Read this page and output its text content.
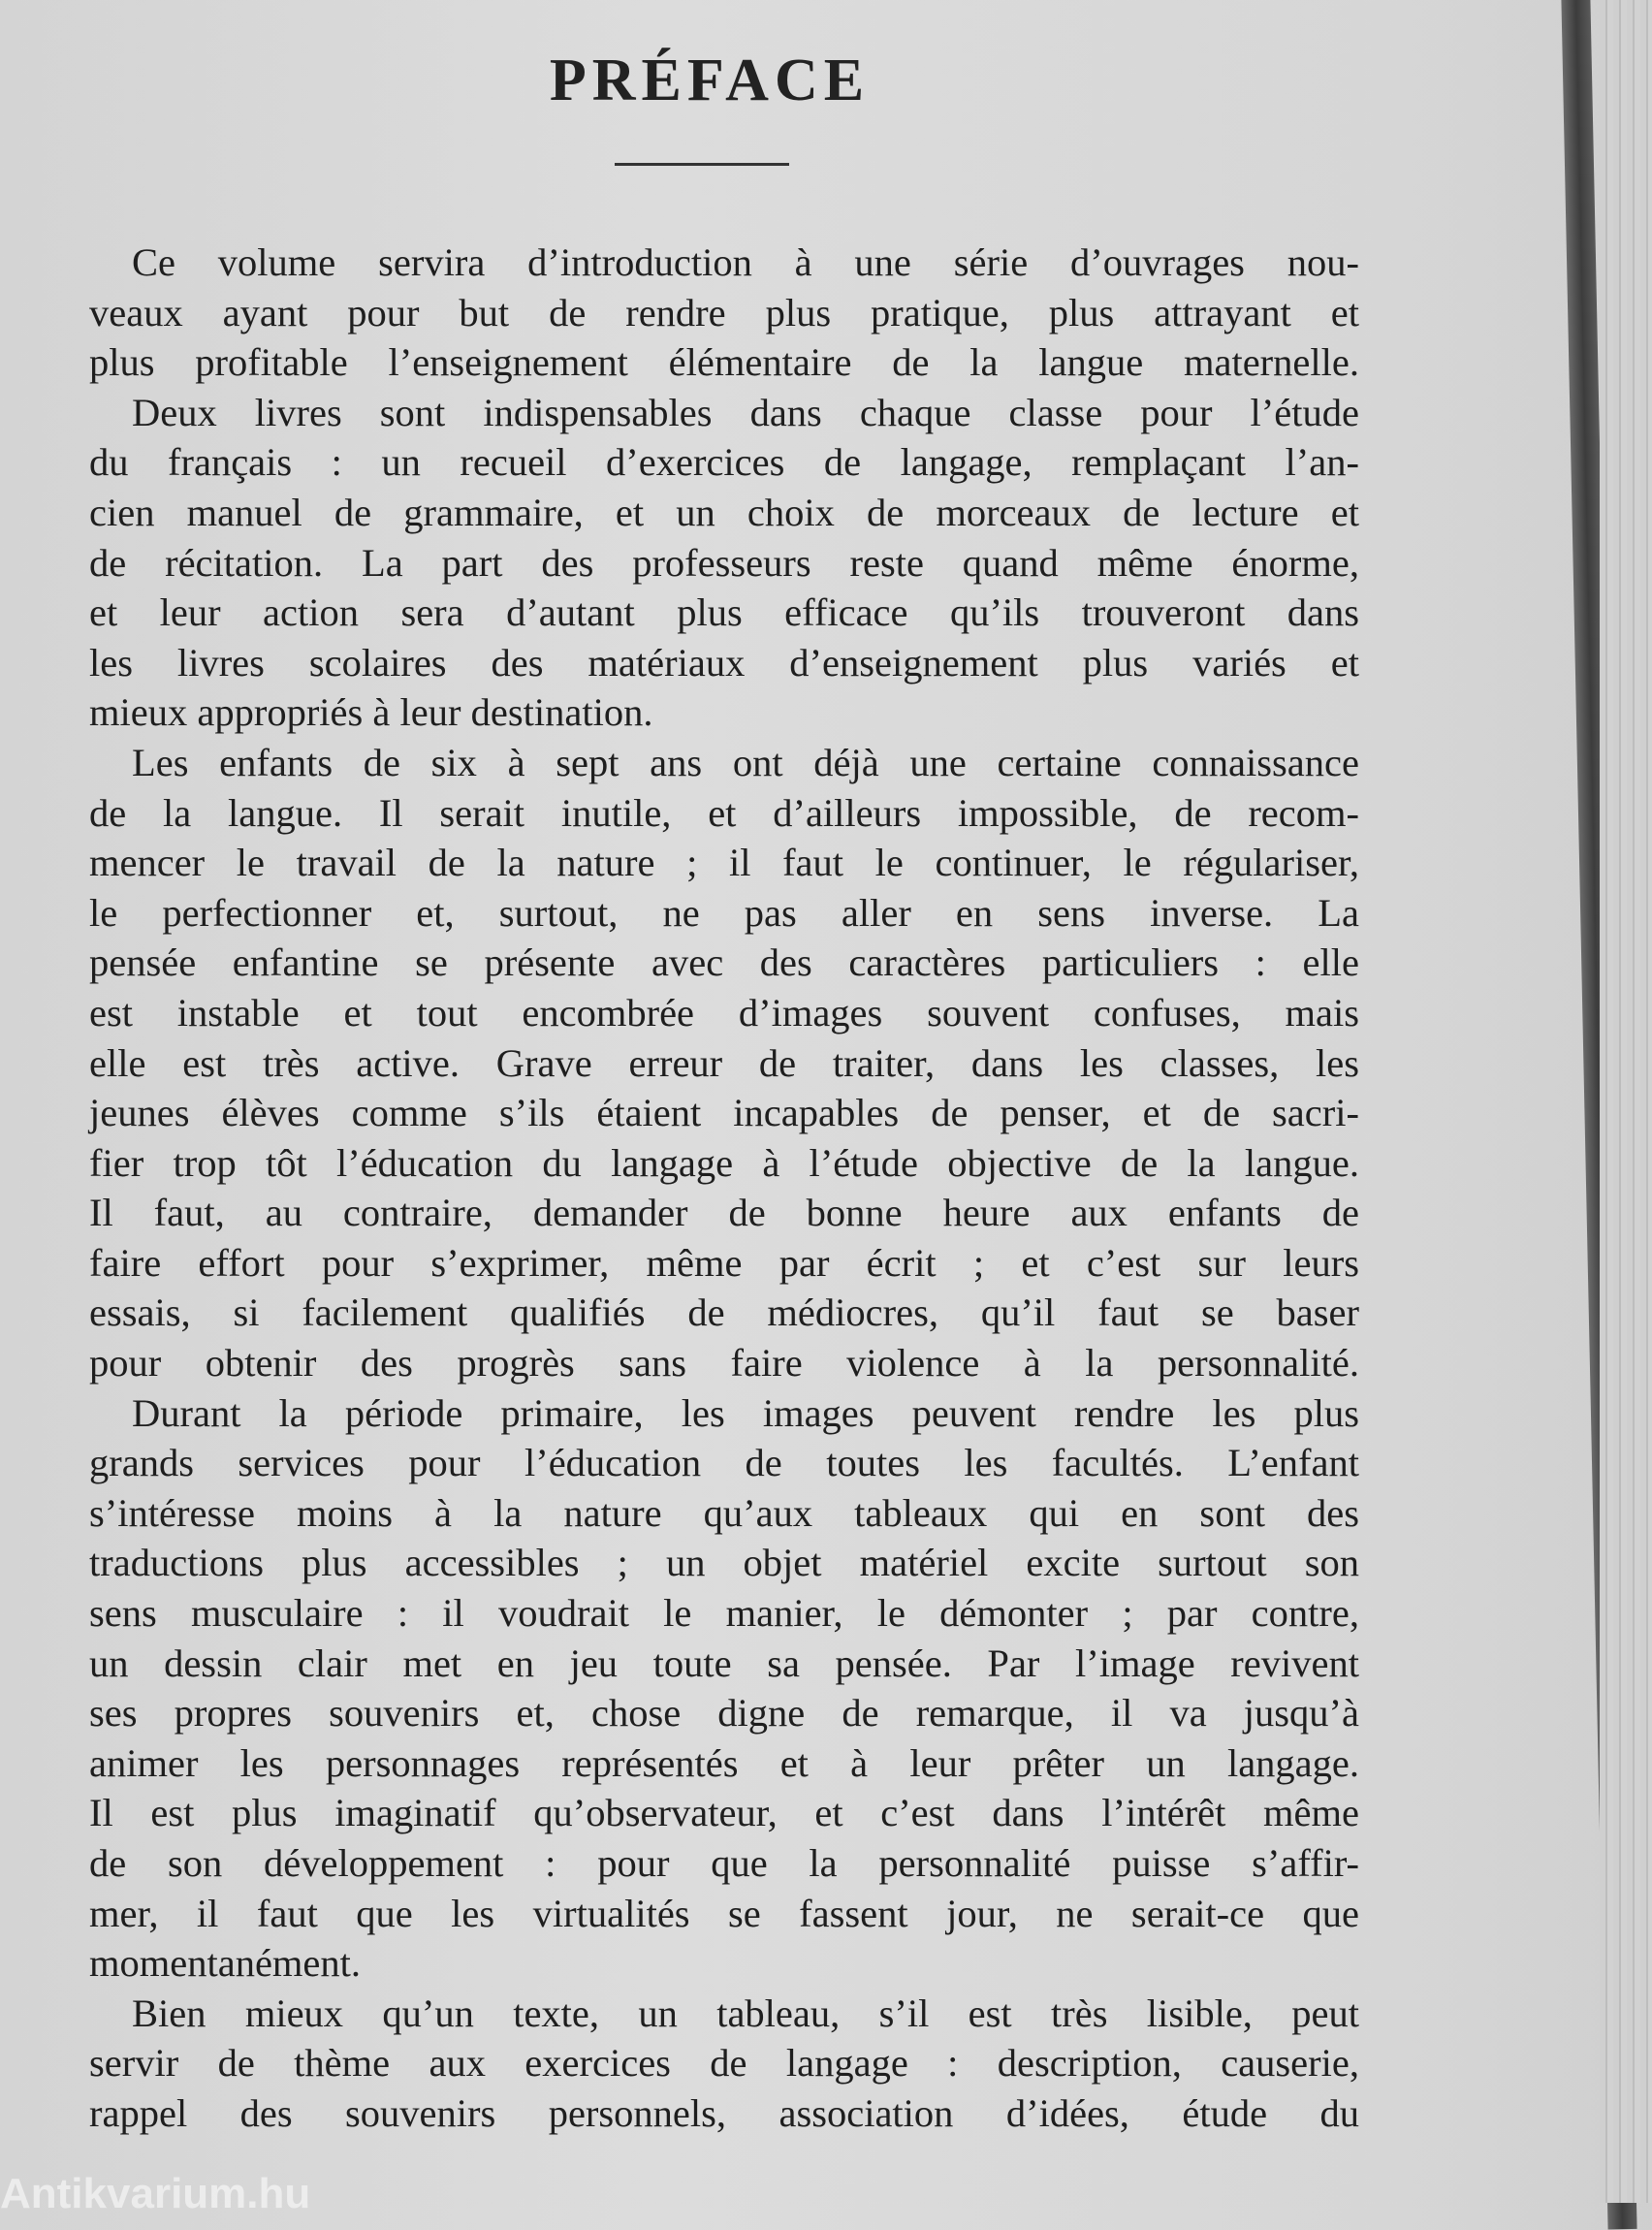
PRÉFACE
Ce volume servira d’introduction à une série d’ouvrages nou-
veaux ayant pour but de rendre plus pratique, plus attrayant et
plus profitable l’enseignement élémentaire de la langue maternelle.
Deux livres sont indispensables dans chaque classe pour l’étude
du français : un recueil d’exercices de langage, remplaçant l’an-
cien manuel de grammaire, et un choix de morceaux de lecture et
de récitation. La part des professeurs reste quand même énorme,
et leur action sera d’autant plus efficace qu’ils trouveront dans
les livres scolaires des matériaux d’enseignement plus variés et
mieux appropriés à leur destination.
Les enfants de six à sept ans ont déjà une certaine connaissance
de la langue. Il serait inutile, et d’ailleurs impossible, de recom-
mencer le travail de la nature ; il faut le continuer, le régulariser,
le perfectionner et, surtout, ne pas aller en sens inverse. La
pensée enfantine se présente avec des caractères particuliers : elle
est instable et tout encombrée d’images souvent confuses, mais
elle est très active. Grave erreur de traiter, dans les classes, les
jeunes élèves comme s’ils étaient incapables de penser, et de sacri-
fier trop tôt l’éducation du langage à l’étude objective de la langue.
Il faut, au contraire, demander de bonne heure aux enfants de
faire effort pour s’exprimer, même par écrit ; et c’est sur leurs
essais, si facilement qualifiés de médiocres, qu’il faut se baser
pour obtenir des progrès sans faire violence à la personnalité.
Durant la période primaire, les images peuvent rendre les plus
grands services pour l’éducation de toutes les facultés. L’enfant
s’intéresse moins à la nature qu’aux tableaux qui en sont des
traductions plus accessibles ; un objet matériel excite surtout son
sens musculaire : il voudrait le manier, le démonter ; par contre,
un dessin clair met en jeu toute sa pensée. Par l’image revivent
ses propres souvenirs et, chose digne de remarque, il va jusqu’à
animer les personnages représentés et à leur prêter un langage.
Il est plus imaginatif qu’observateur, et c’est dans l’intérêt même
de son développement : pour que la personnalité puisse s’affir-
mer, il faut que les virtualités se fassent jour, ne serait-ce que
momentanément.
Bien mieux qu’un texte, un tableau, s’il est très lisible, peut
servir de thème aux exercices de langage : description, causerie,
rappel des souvenirs personnels, association d’idées, étude du
Antikvarium.hu
